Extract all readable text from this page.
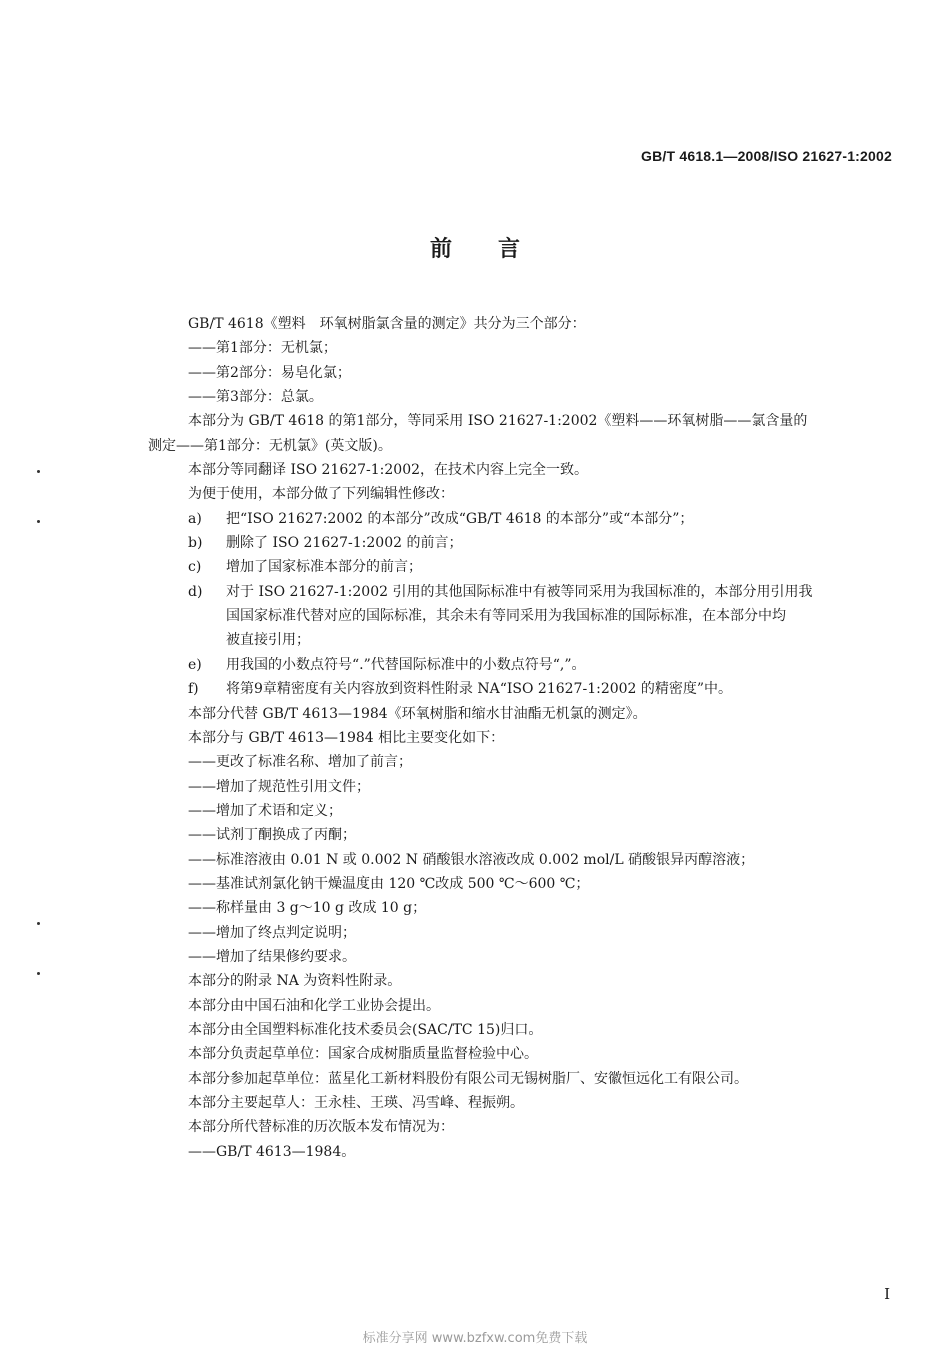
GB/T 4618.1—2008/ISO 21627-1:2002
前言
GB/T 4618《塑料　环氧树脂氯含量的测定》共分为三个部分：
——第1部分：无机氯；
——第2部分：易皂化氯；
——第3部分：总氯。
本部分为 GB/T 4618 的第1部分，等同采用 ISO 21627-1:2002《塑料——环氧树脂——氯含量的
测定——第1部分：无机氯》(英文版)。
本部分等同翻译 ISO 21627-1:2002，在技术内容上完全一致。
为便于使用，本部分做了下列编辑性修改：
a)	把“ISO 21627:2002 的本部分”改成“GB/T 4618 的本部分”或“本部分”；
b)	删除了 ISO 21627-1:2002 的前言；
c)	增加了国家标准本部分的前言；
d)	对于 ISO 21627-1:2002 引用的其他国际标准中有被等同采用为我国标准的，本部分用引用我
国国家标准代替对应的国际标准，其余未有等同采用为我国标准的国际标准，在本部分中均
被直接引用；
e)	用我国的小数点符号“.”代替国际标准中的小数点符号“,”。
f)	将第9章精密度有关内容放到资料性附录 NA“ISO 21627-1:2002 的精密度”中。
本部分代替 GB/T 4613—1984《环氧树脂和缩水甘油酯无机氯的测定》。
本部分与 GB/T 4613—1984 相比主要变化如下：
——更改了标准名称、增加了前言；
——增加了规范性引用文件；
——增加了术语和定义；
——试剂丁酮换成了丙酮；
——标准溶液由 0.01 N 或 0.002 N 硝酸银水溶液改成 0.002 mol/L 硝酸银异丙醇溶液；
——基准试剂氯化钠干燥温度由 120 ℃改成 500 ℃～600 ℃；
——称样量由 3 g～10 g 改成 10 g；
——增加了终点判定说明；
——增加了结果修约要求。
本部分的附录 NA 为资料性附录。
本部分由中国石油和化学工业协会提出。
本部分由全国塑料标准化技术委员会(SAC/TC 15)归口。
本部分负责起草单位：国家合成树脂质量监督检验中心。
本部分参加起草单位：蓝星化工新材料股份有限公司无锡树脂厂、安徽恒远化工有限公司。
本部分主要起草人：王永桂、王瑛、冯雪峰、程振朔。
本部分所代替标准的历次版本发布情况为：
——GB/T 4613—1984。
I
标准分享网 www.bzfxw.com免费下载
